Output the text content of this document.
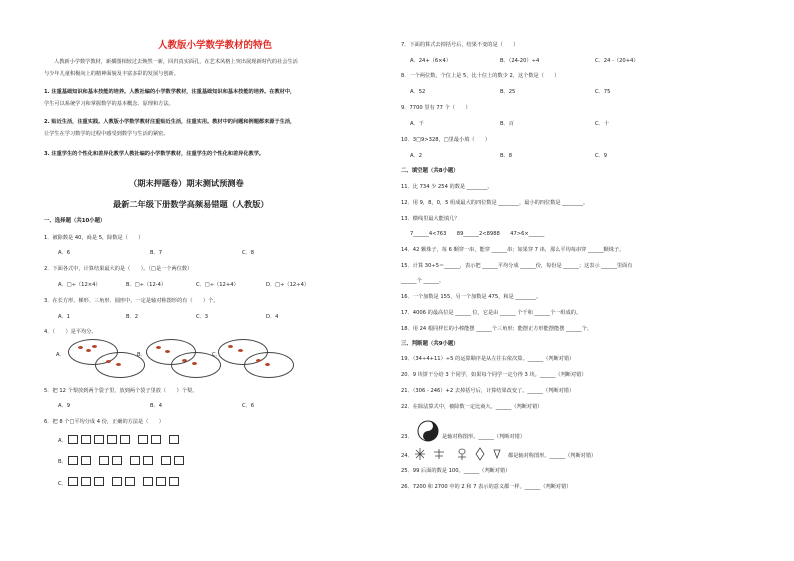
人教版小学数学教材的特色
人教新小学数学教材，新插图相较过去焕然一新，回归真实面孔，在艺术风格上突出展现新时代的社会生活
与少年儿童积极向上的精神面貌及丰富多彩的发展与创新。
1. 注重基础知识和基本技能的培养。人教社编的小学数学教材，注重基础知识和基本技能的培养。在教材中，
学生可以系统学习和掌握数学的基本概念、原理和方法。
2. 贴近生活，注重实践。人教版小学数学教材注重贴近生活，注重实用。教材中的问题和例题都来源于生活，
让学生在学习数学的过程中感受到数学与生活的紧密。
3. 注重学生的个性化和差异化教学人教社编的小学数学教材，注重学生的个性化和差异化教学。
（期末押题卷）期末测试预测卷
最新二年级下册数学高频易错题（人教版）
一、选择题（共10小题）
1．被除数是 40，商是 5，除数是（　　）
A．6	B．7	C．8
2．下面各式中，计算结果最大的是（　　）。（□是一个两位数）
A．□÷（12×4）	B．□÷（12-4）	C．□÷（12+4）	D．□÷（12÷4）
3．在长方形、梯形、三角形、圆形中，一定是轴对称图形的有（　　）个。
A．1	B．2	C．3	D．4
4．（　　）是平均分。
A．	B．	C．
5．把 12 个梨放到两个袋子里，放到两个袋子里放（　　）个梨。
A．9	B．4	C．6
6．把 8 个□平均分成 4 份，正确的方法是（　　）
A．
B．
C．
7．下面的算式去掉括号后，结果不变的是（　　）
A．24+（6×4）	B．（24-20）÷4	C．24 -（20+4）
8．一个两位数，个位上是 5，比十位上的数少 2，这个数是（　　）
A．52	B．25	C．75
9．7700 里有 77 个（　　）
A．千	B．百	C．十
10．3□9>328，□里最小填（　　）
A．2	B．8	C．9
二、填空题（共8小题）
11．比 734 少 254 的数是 ________。
12．用 9，8，0，5 组成最大的四位数是 ________，最小的四位数是 ________。
13．横线里最大能填几？
7______4<763　　89______2<8988　　47>6×______
14．42 颗珠子，每 6 颗穿一串，能穿 ______串；如果穿 7 串，那么平均每串穿 ______颗珠子。
15．计算 30÷5＝______，表示把 ______平均分成 ______份，每份是 ______；这表示 ______里面有
______个 ______。
16．一个加数是 155，另一个加数是 475，和是 ________。
17．4006 的最高位是 ______ 位，它是由 ______ 个千和 ______个一组成的。
18．用 24 根同样长的小棒能摆 ______个三角形；能摆正方形能摆能摆 ______个。
三、判断题（共9小题）
19．（34÷4+11）÷5 的运算顺序是从左往右依次算。______（判断对错）
20．9 块饼干分给 3 个同学，如果每个同学一定分得 3 块。______（判断对错）
21．（306 - 246）+2 去掉括号后，计算结果改变了。______（判断对错）
22．在除法算式中，被除数一定比商大。______（判断对错）
23．	是轴对称图形。______（判断对错）
24．	都是轴对称图形。______（判断对错）
25．99 后面的数是 100。______（判断对错）
26．7200 和 2700 中的 2 和 7 表示的意义都一样。______（判断对错）
